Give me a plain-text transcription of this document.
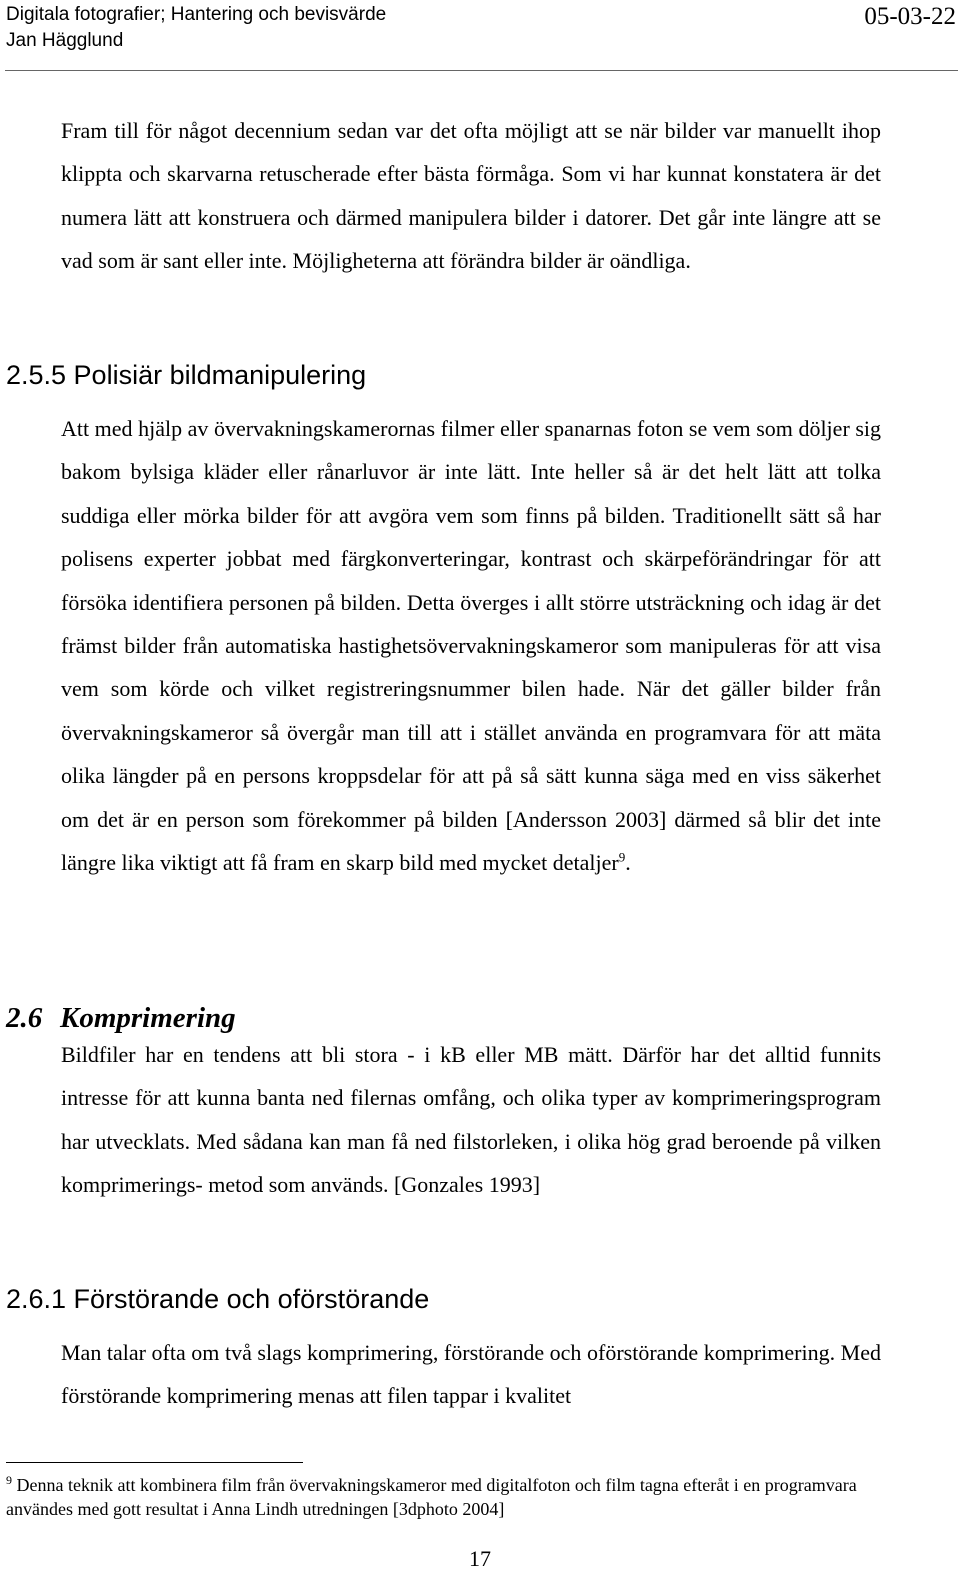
Digitala fotografier; Hantering och bevisvärde
Jan Hägglund
05-03-22

Fram till för något decennium sedan var det ofta möjligt att se när bilder var manuellt ihop klippta och skarvarna retuscherade efter bästa förmåga. Som vi har kunnat konstatera är det numera lätt att konstruera och därmed manipulera bilder i datorer. Det går inte längre att se vad som är sant eller inte. Möjligheterna att förändra bilder är oändliga.

2.5.5 Polisiär bildmanipulering

Att med hjälp av övervakningskamerornas filmer eller spanarnas foton se vem som döljer sig bakom bylsiga kläder eller rånarluvor är inte lätt. Inte heller så är det helt lätt att tolka suddiga eller mörka bilder för att avgöra vem som finns på bilden. Traditionellt sätt så har polisens experter jobbat med färgkonverteringar, kontrast och skärpeförändringar för att försöka identifiera personen på bilden. Detta överges i allt större utsträckning och idag är det främst bilder från automatiska hastighetsövervakningskameror som manipuleras för att visa vem som körde och vilket registreringsnummer bilen hade. När det gäller bilder från övervakningskameror så övergår man till att i stället använda en programvara för att mäta olika längder på en persons kroppsdelar för att på så sätt kunna säga med en viss säkerhet om det är en person som förekommer på bilden [Andersson 2003] därmed så blir det inte längre lika viktigt att få fram en skarp bild med mycket detaljer$^9$.

2.6 Komprimering

Bildfiler har en tendens att bli stora - i kB eller MB mätt. Därför har det alltid funnits intresse för att kunna banta ned filernas omfång, och olika typer av komprimeringsprogram har utvecklats. Med sådana kan man få ned filstorleken, i olika hög grad beroende på vilken komprimerings- metod som används. [Gonzales 1993]

2.6.1 Förstörande och oförstörande

Man talar ofta om två slags komprimering, förstörande och oförstörande komprimering. Med förstörande komprimering menas att filen tappar i kvalitet

$^9$ Denna teknik att kombinera film från övervakningskameror med digitalfoton och film tagna efteråt i en programvara användes med gott resultat i Anna Lindh utredningen [3dphoto 2004]

17
